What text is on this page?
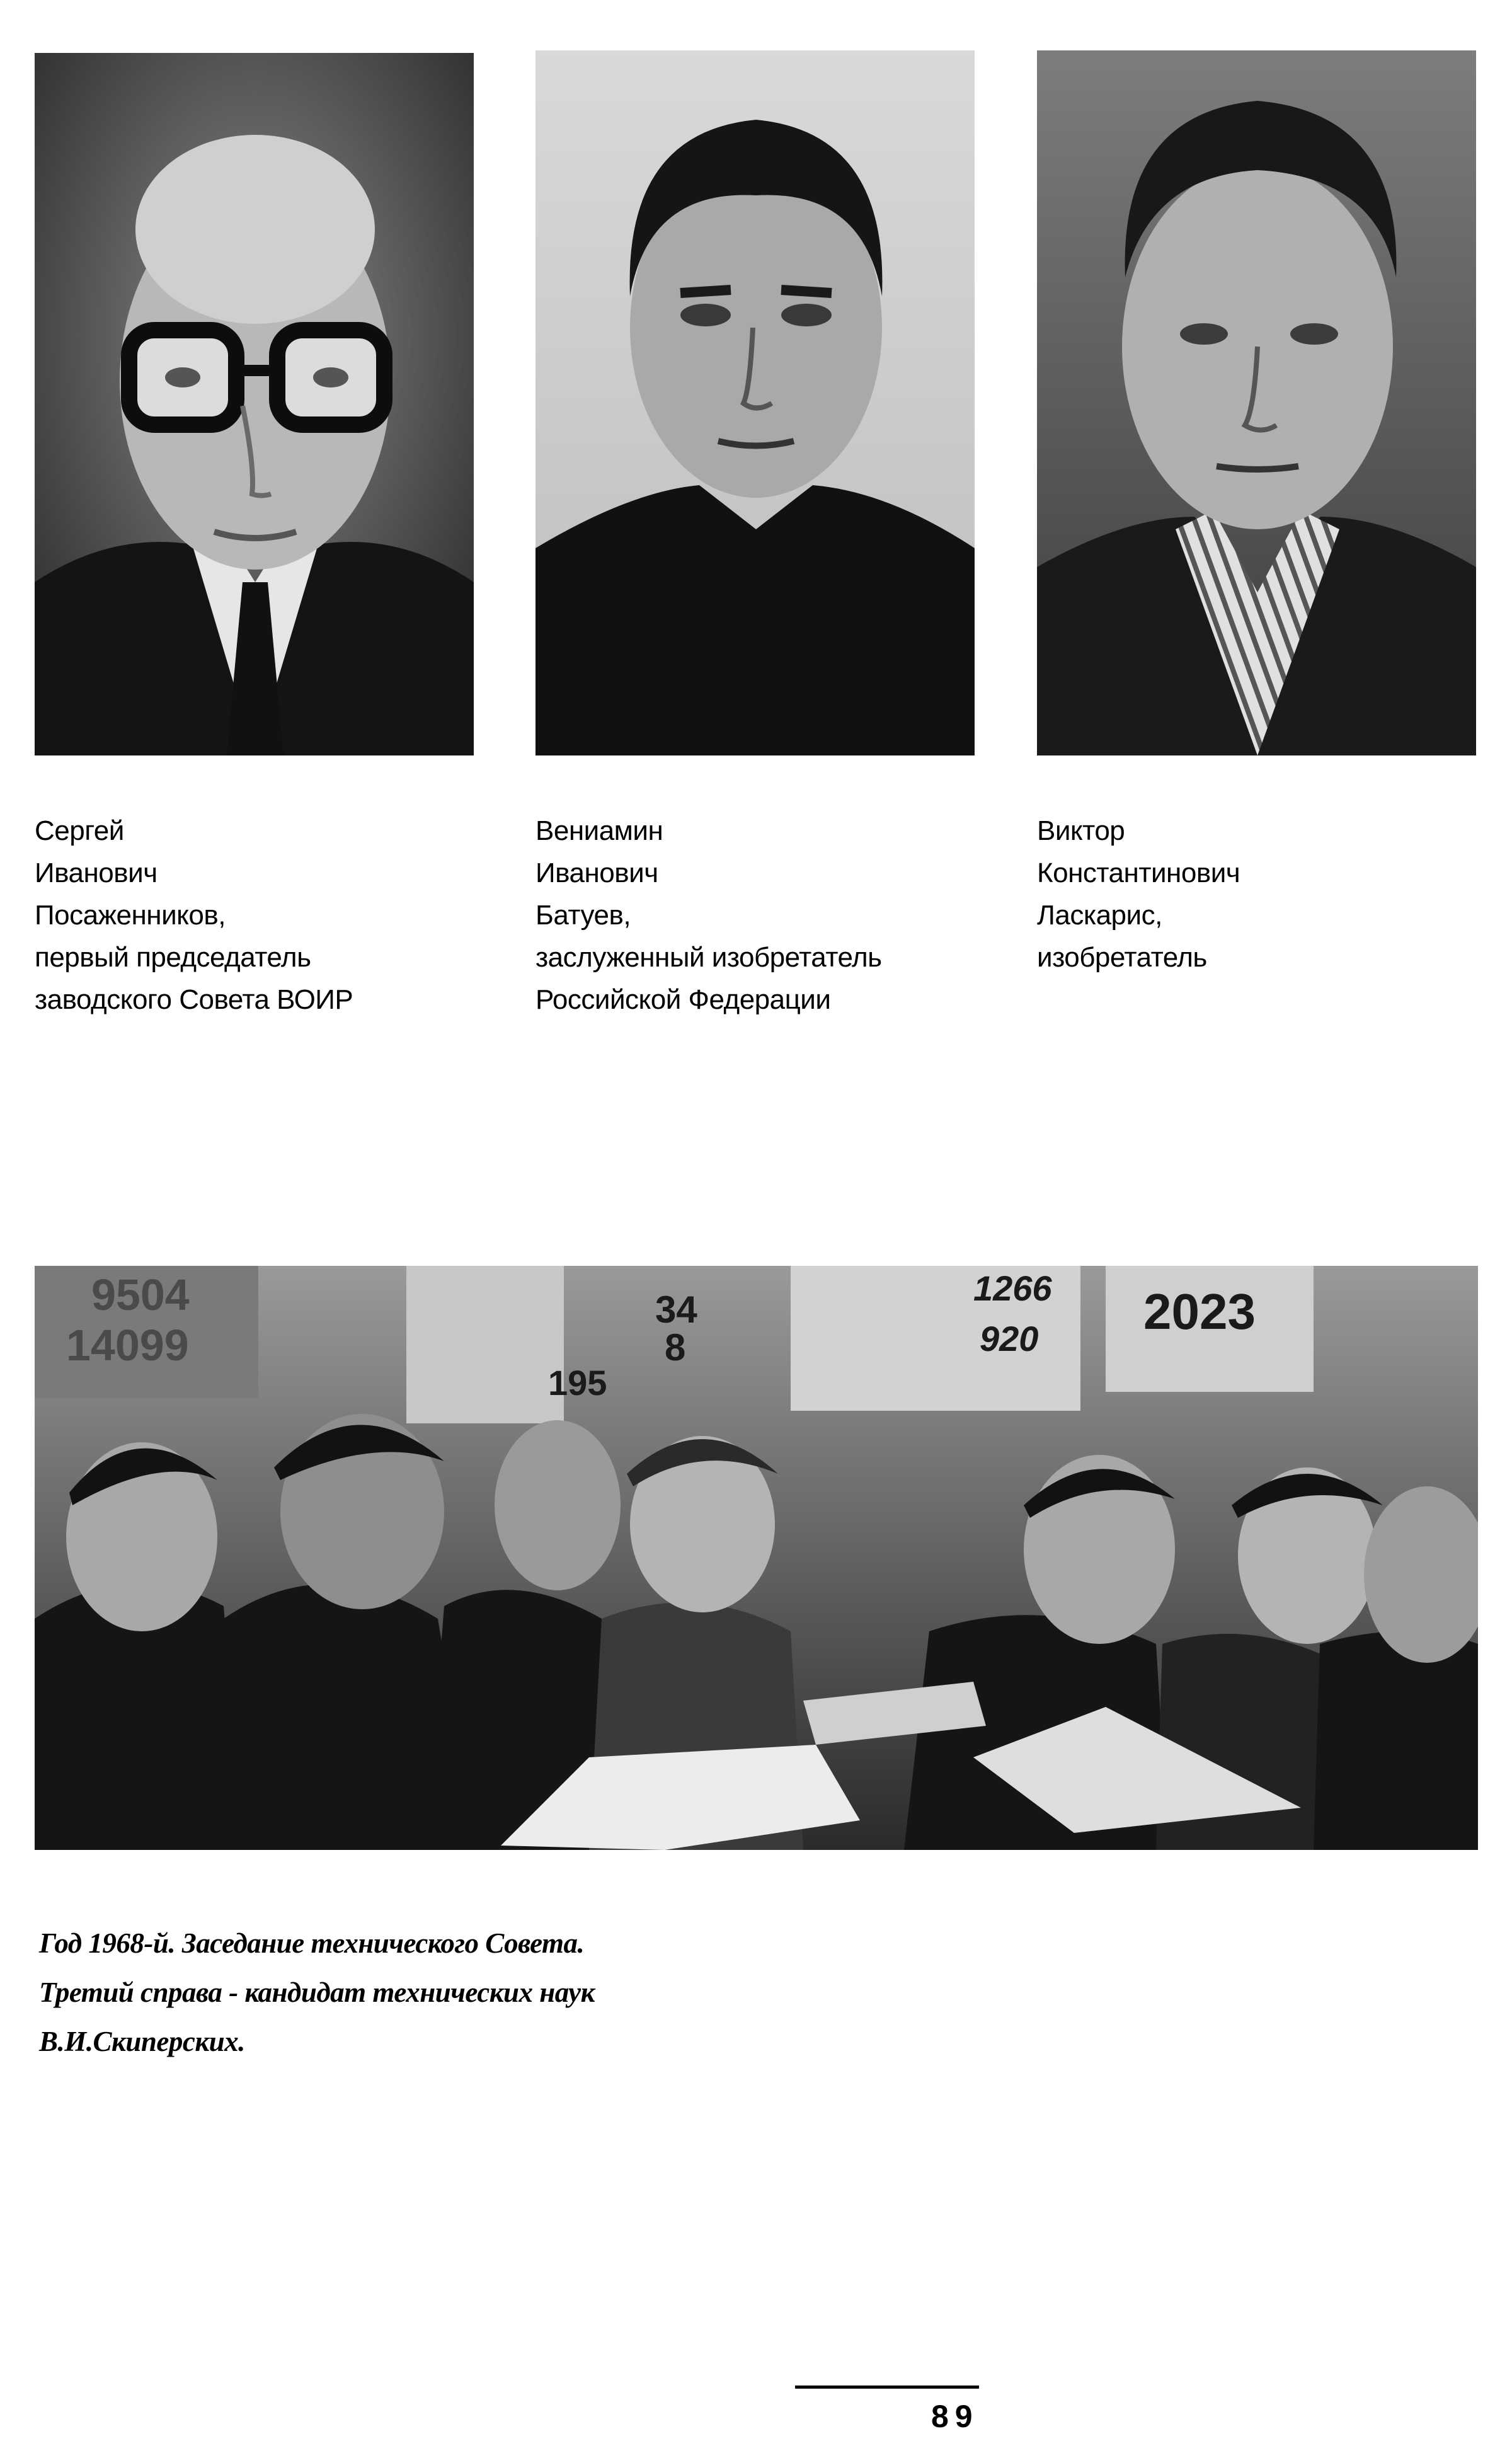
Сергей
Иванович
Посаженников,
первый председатель
заводского Совета ВОИР
Вениамин
Иванович
Батуев,
заслуженный изобретатель
Российской Федерации
Виктор
Константинович
Ласкарис,
изобретатель
9504
14099
1266
920 2023
195
34
8
Год 1968-й. Заседание технического Совета.
Третий справа - кандидат технических наук
В.И.Скиперских.
89
